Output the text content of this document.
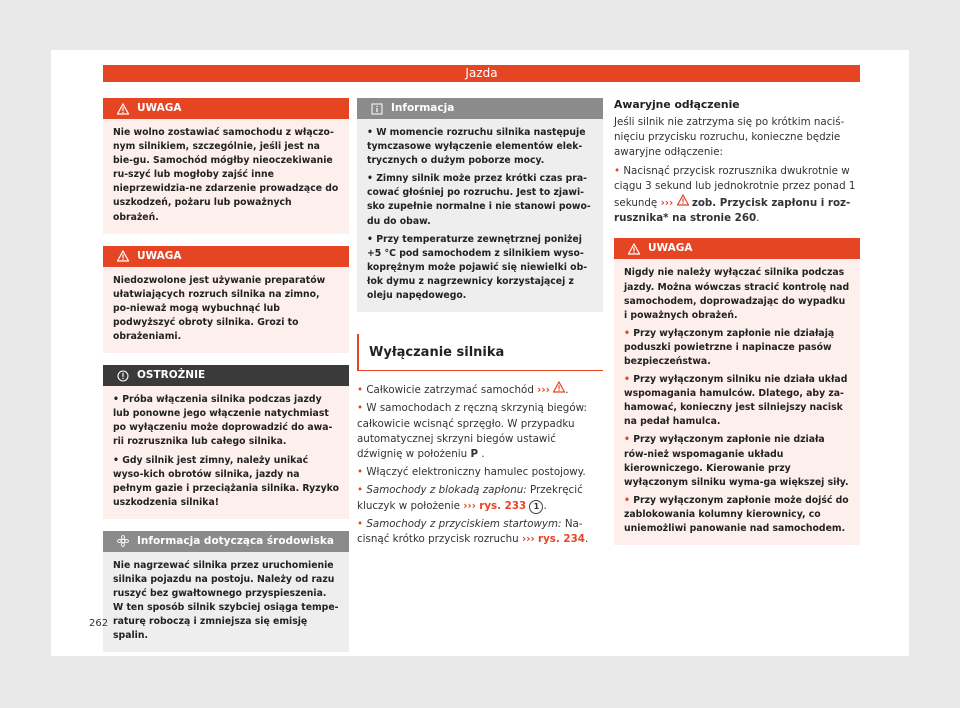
Jazda
UWAGA

Nie wolno zostawiać samochodu z włączo-nym silnikiem, szczególnie, jeśli jest na bie-gu. Samochód mógłby nieoczekiwanie ru-szyć lub mogłoby zajść inne nieprzewidzia-ne zdarzenie prowadzące do uszkodzeń, pożaru lub poważnych obrażeń.

UWAGA

Niedozwolone jest używanie preparatów ułatwiających rozruch silnika na zimno, po-nieważ mogą wybuchnąć lub podwyższyć obroty silnika. Grozi to obrażeniami.

OSTROŻNIE

• Próba włączenia silnika podczas jazdy lub ponowne jego włączenie natychmiast po wyłączeniu może doprowadzić do awa-rii rozrusznika lub całego silnika.

• Gdy silnik jest zimny, należy unikać wyso-kich obrotów silnika, jazdy na pełnym gazie i przeciążania silnika. Ryzyko uszkodzenia silnika!

Informacja dotycząca środowiska

Nie nagrzewać silnika przez uruchomienie silnika pojazdu na postoju. Należy od razu ruszyć bez gwałtownego przyspieszenia. W ten sposób silnik szybciej osiąga tempe-raturę roboczą i zmniejsza się emisję spalin.

Informacja

• W momencie rozruchu silnika następuje tymczasowe wyłączenie elementów elek-trycznych o dużym poborze mocy.

• Zimny silnik może przez krótki czas pra-cować głośniej po rozruchu. Jest to zjawi-sko zupełnie normalne i nie stanowi powo-du do obaw.

• Przy temperaturze zewnętrznej poniżej +5 °C pod samochodem z silnikiem wyso-koprężnym może pojawić się niewielki ob-łok dymu z nagrzewnicy korzystającej z oleju napędowego.

Wyłączanie silnika

• Całkowicie zatrzymać samochód ››› .

• W samochodach z ręczną skrzynią biegów: całkowicie wcisnąć sprzęgło. W przypadku automatycznej skrzyni biegów ustawić dźwignię w położeniu P .

• Włączyć elektroniczny hamulec postojowy.

• Samochody z blokadą zapłonu: Przekręcić kluczyk w położenie ››› rys. 233 1 .

• Samochody z przyciskiem startowym: Na-cisnąć krótko przycisk rozruchu ››› rys. 234.

Awaryjne odłączenie

Jeśli silnik nie zatrzyma się po krótkim naciś-nięciu przycisku rozruchu, konieczne będzie awaryjne odłączenie:

• Nacisnąć przycisk rozrusznika dwukrotnie w ciągu 3 sekund lub jednokrotnie przez ponad 1 sekundę ››› zob. Przycisk zapłonu i roz-rusznika* na stronie 260.

UWAGA

Nigdy nie należy wyłączać silnika podczas jazdy. Można wówczas stracić kontrolę nad samochodem, doprowadzając do wypadku i poważnych obrażeń.

• Przy wyłączonym zapłonie nie działają poduszki powietrzne i napinacze pasów bezpieczeństwa.

• Przy wyłączonym silniku nie działa układ wspomagania hamulców. Dlatego, aby za-hamować, konieczny jest silniejszy nacisk na pedał hamulca.

• Przy wyłączonym zapłonie nie działa rów-nież wspomaganie układu kierowniczego. Kierowanie przy wyłączonym silniku wyma-ga większej siły.

• Przy wyłączonym zapłonie może dojść do zablokowania kolumny kierownicy, co uniemożliwi panowanie nad samochodem.

262
